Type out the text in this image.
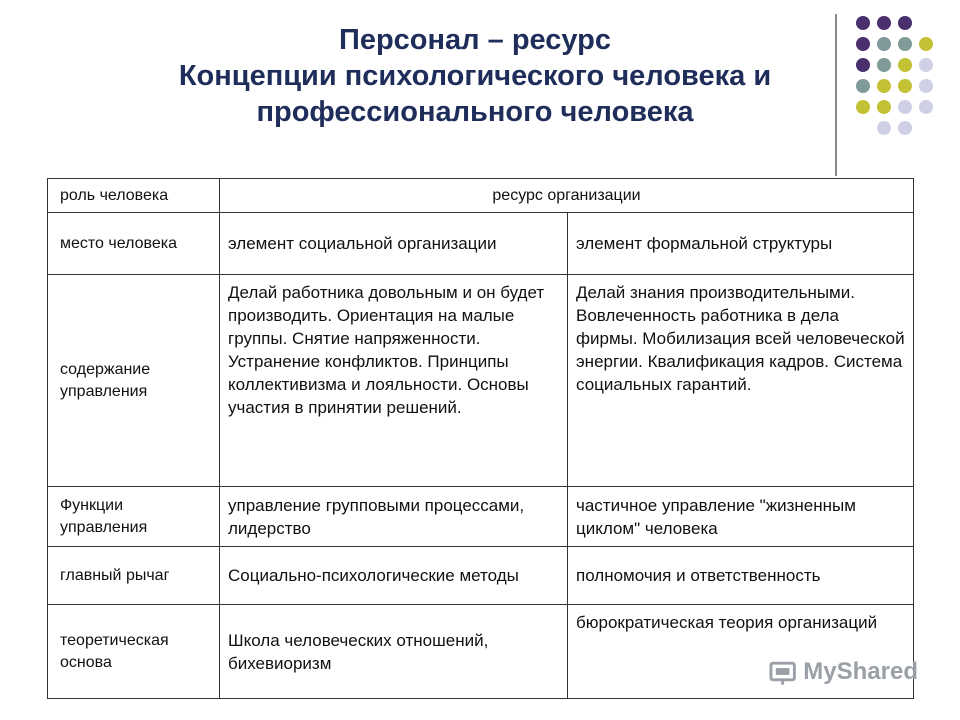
Персонал – ресурс
Концепции психологического человека и
профессионального человека
роль человека	ресурс организации	
место человека	элемент социальной организации	элемент формальной структуры
содержание управления	Делай работника довольным и он будет производить. Ориентация на малые группы. Снятие напряженности. Устранение конфликтов. Принципы коллективизма и лояльности. Основы участия в принятии решений.	Делай знания производительными. Вовлеченность работника в дела фирмы. Мобилизация всей человеческой энергии. Квалификация кадров. Система социальных гарантий.
Функции управления	управление групповыми процессами, лидерство	частичное управление "жизненным циклом" человека
главный рычаг	Социально-психологические методы	полномочия и ответственность
теоретическая основа	Школа человеческих отношений, бихевиоризм	бюрократическая теория организаций
MyShared
